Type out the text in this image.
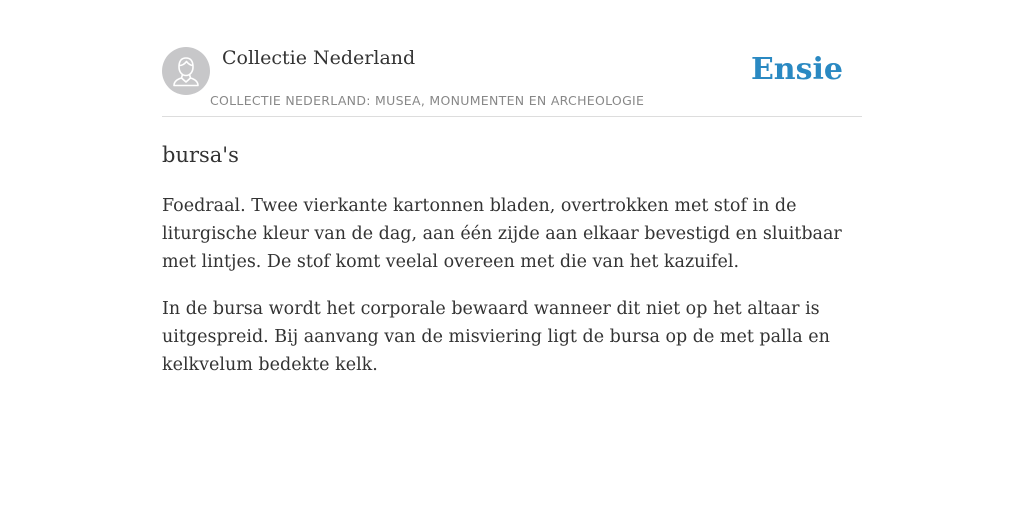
Collectie Nederland
COLLECTIE NEDERLAND: MUSEA, MONUMENTEN EN ARCHEOLOGIE
Ensie
bursa's

Foedraal. Twee vierkante kartonnen bladen, overtrokken met stof in de liturgische kleur van de dag, aan één zijde aan elkaar bevestigd en sluitbaar met lintjes. De stof komt veelal overeen met die van het kazuifel.

In de bursa wordt het corporale bewaard wanneer dit niet op het altaar is uitgespreid. Bij aanvang van de misviering ligt de bursa op de met palla en kelkvelum bedekte kelk.
